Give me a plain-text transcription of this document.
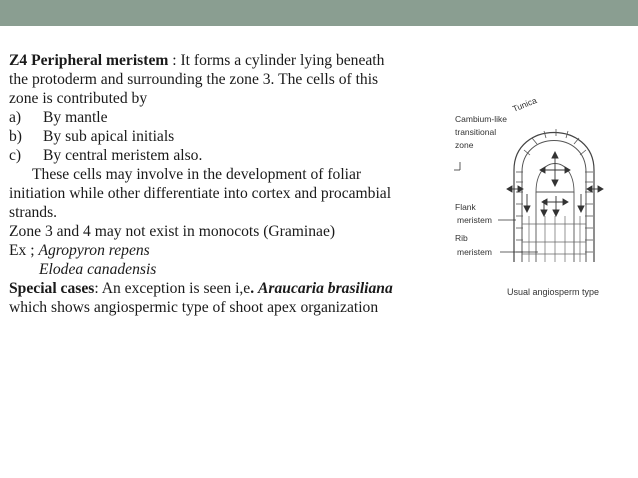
Z4 Peripheral meristem : It forms a cylinder lying beneath
the protoderm and surrounding the zone 3. The cells of this
zone is contributed by
a) By mantle
b) By sub apical initials
c) By central meristem also.
These cells may involve in the development of foliar
initiation while other differentiate into cortex and procambial
strands.
Zone 3 and 4 may not exist in monocots (Graminae)
Ex ; Agropyron repens
Elodea canadensis
Special cases: An exception is seen i,e. Araucaria brasiliana
which shows angiospermic type of shoot apex organization
Tunica
Cambium-like
transitional
zone
Flank
meristem
Rib
meristem
Usual angiosperm type
